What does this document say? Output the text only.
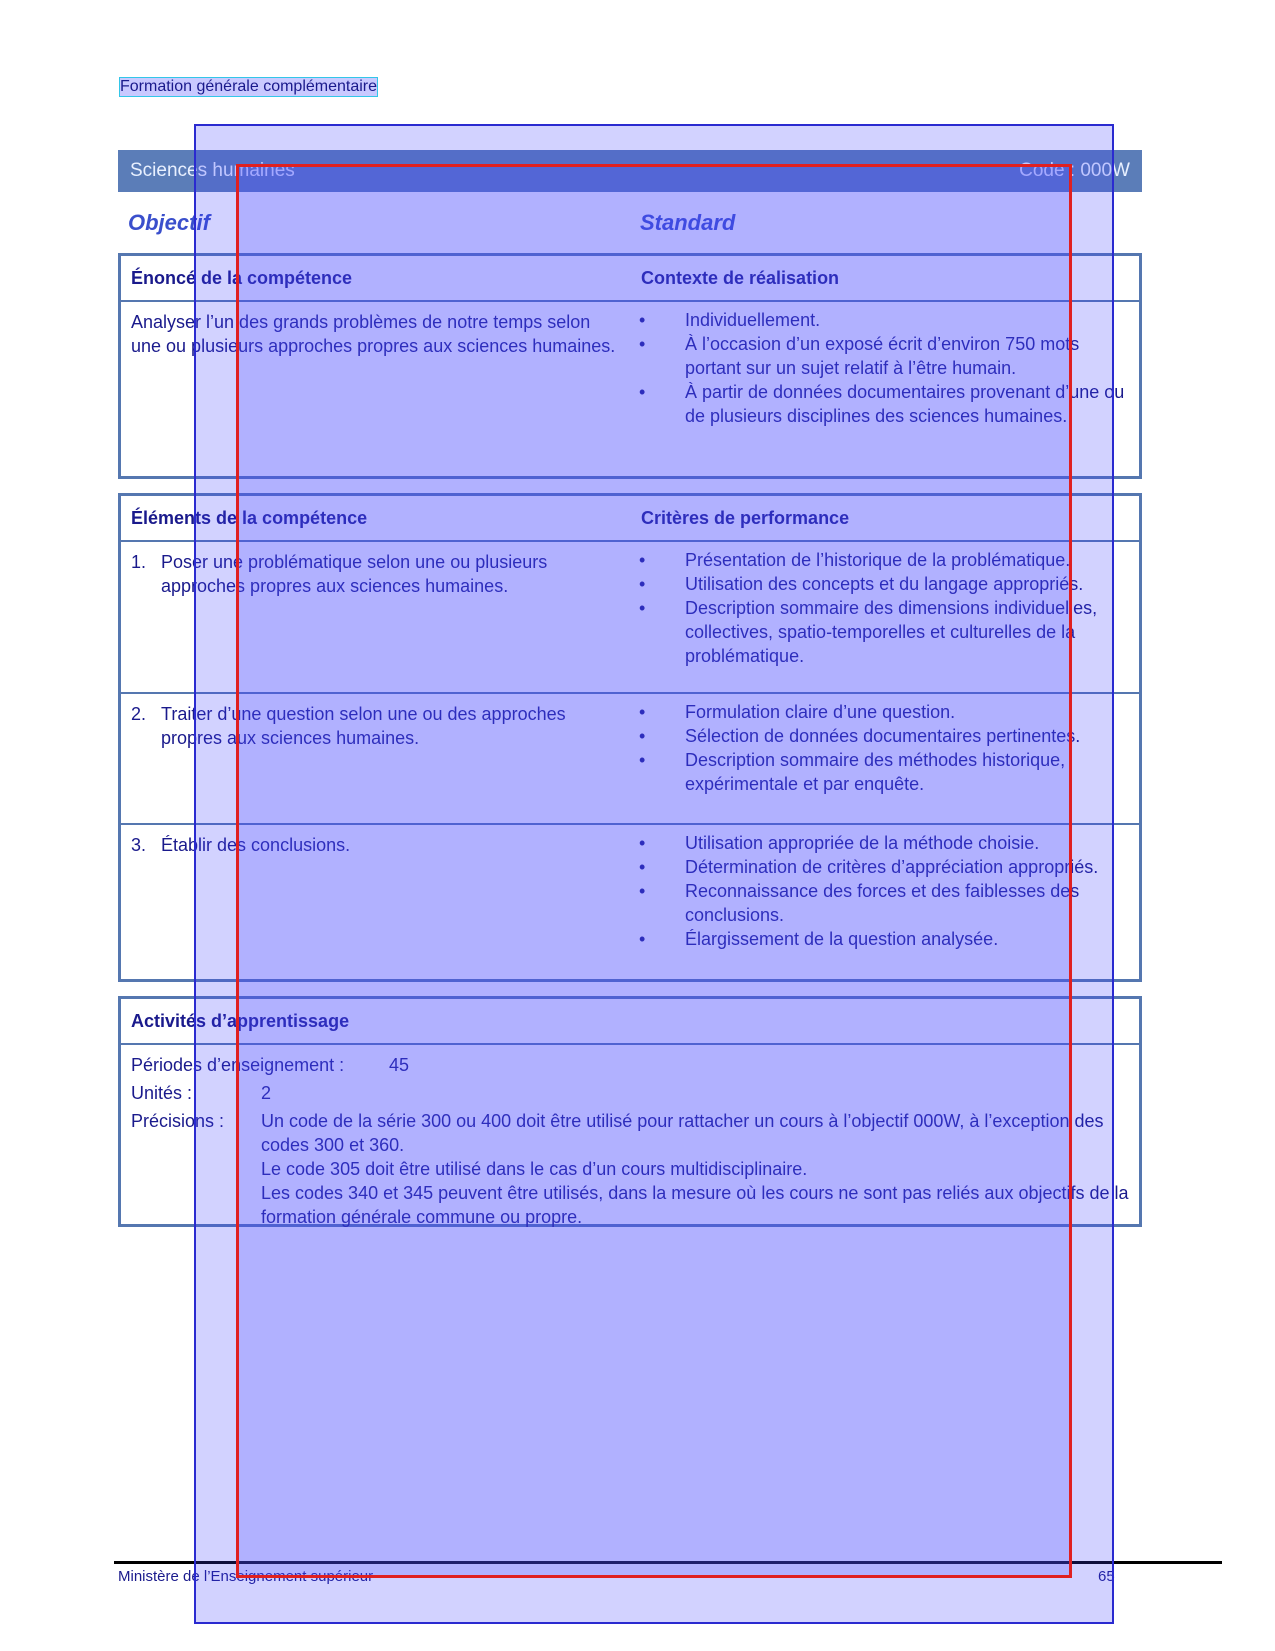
Formation générale complémentaire
Sciences humaines	Code : 000W
Objectif	Standard
Énoncé de la compétence	Contexte de réalisation
Analyser l’un des grands problèmes de notre temps selon une ou plusieurs approches propres aux sciences humaines.
• Individuellement.
• À l’occasion d’un exposé écrit d’environ 750 mots portant sur un sujet relatif à l’être humain.
• À partir de données documentaires provenant d’une ou de plusieurs disciplines des sciences humaines.
Éléments de la compétence	Critères de performance
1. Poser une problématique selon une ou plusieurs approches propres aux sciences humaines.
• Présentation de l’historique de la problématique.
• Utilisation des concepts et du langage appropriés.
• Description sommaire des dimensions individuelles, collectives, spatio-temporelles et culturelles de la problématique.
2. Traiter d’une question selon une ou des approches propres aux sciences humaines.
• Formulation claire d’une question.
• Sélection de données documentaires pertinentes.
• Description sommaire des méthodes historique, expérimentale et par enquête.
3. Établir des conclusions.
•	Utilisation appropriée de la méthode choisie.
• Détermination de critères d’appréciation appropriés.
• Reconnaissance des forces et des faiblesses des conclusions.
• Élargissement de la question analysée.
Activités d’apprentissage
Périodes d’enseignement : 45
Unités :	2
Précisions : Un code de la série 300 ou 400 doit être utilisé pour rattacher un cours à l’objectif 000W, à l’exception des codes 300 et 360.
Le code 305 doit être utilisé dans le cas d’un cours multidisciplinaire.
Les codes 340 et 345 peuvent être utilisés, dans la mesure où les cours ne sont pas reliés aux objectifs de la formation générale commune ou propre.
Ministère de l’Enseignement supérieur	65
